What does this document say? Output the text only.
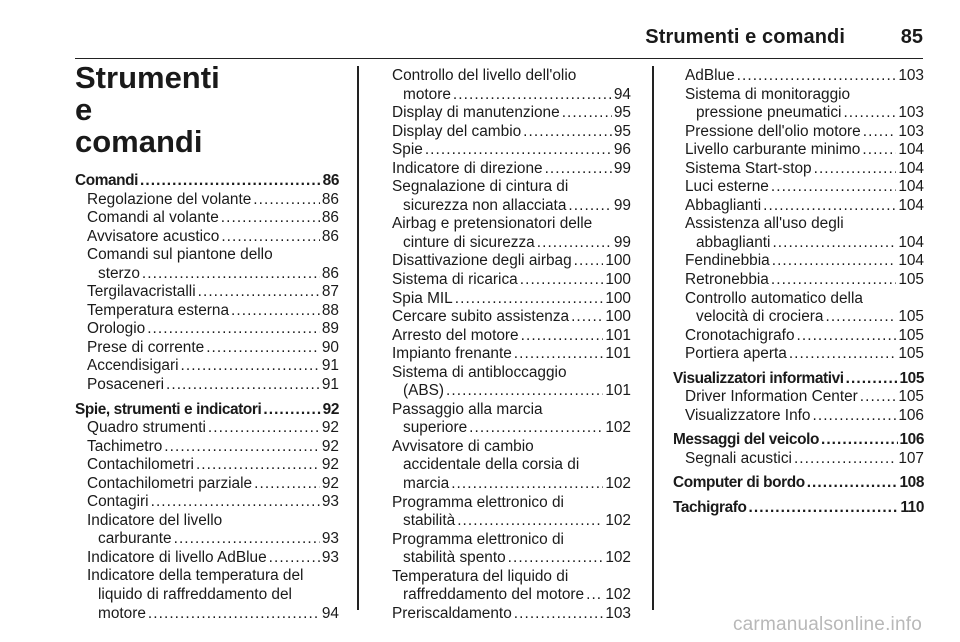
Strumenti e comandi	85
Strumenti e comandi
Comandi . . .	86
Regolazione del volante . . .	86
Comandi al volante . . .	86
Avvisatore acustico . . .	86
Comandi sul piantone dello
sterzo . . .	86
Tergilavacristalli . . .	87
Temperatura esterna . . .	88
Orologio . . .	89
Prese di corrente . . .	90
Accendisigari . . .	91
Posaceneri . . .	91
Spie, strumenti e indicatori . . .	92
Quadro strumenti . . .	92
Tachimetro . . .	92
Contachilometri . . .	92
Contachilometri parziale . . .	92
Contagiri . . .	93
Indicatore del livello
carburante . . .	93
Indicatore di livello AdBlue . . .	93
Indicatore della temperatura del
liquido di raffreddamento del
motore . . .	94
Controllo del livello dell'olio
motore . . .	94
Display di manutenzione . . .	95
Display del cambio . . .	95
Spie . . .	96
Indicatore di direzione . . .	99
Segnalazione di cintura di
sicurezza non allacciata . . .	99
Airbag e pretensionatori delle
cinture di sicurezza . . .	99
Disattivazione degli airbag . . . 100
Sistema di ricarica . . .	100
Spia MIL . . .	100
Cercare subito assistenza . . . 100
Arresto del motore . . .	101
Impianto frenante . . .	101
Sistema di antibloccaggio
(ABS) . . .	101
Passaggio alla marcia
superiore . . .	102
Avvisatore di cambio
accidentale della corsia di
marcia . . .	102
Programma elettronico di
stabilità . . .	102
Programma elettronico di
stabilità spento . . .	102
Temperatura del liquido di
raffreddamento del motore . . . 102
Preriscaldamento . . .	103
AdBlue . . .	103
Sistema di monitoraggio
pressione pneumatici . . .	103
Pressione dell'olio motore . . . 103
Livello carburante minimo . . . 104
Sistema Start-stop . . .	104
Luci esterne . . .	104
Abbaglianti . . .	104
Assistenza all'uso degli
abbaglianti . . .	104
Fendinebbia . . .	104
Retronebbia . . .	105
Controllo automatico della
velocità di crociera . . .	105
Cronotachigrafo . . .	105
Portiera aperta . . .	105
Visualizzatori informativi . . .	105
Driver Information Center . . .	105
Visualizzatore Info . . .	106
Messaggi del veicolo . . .	106
Segnali acustici . . .	107
Computer di bordo . . .	108
Tachigrafo . . .	110
carmanualsonline.info
